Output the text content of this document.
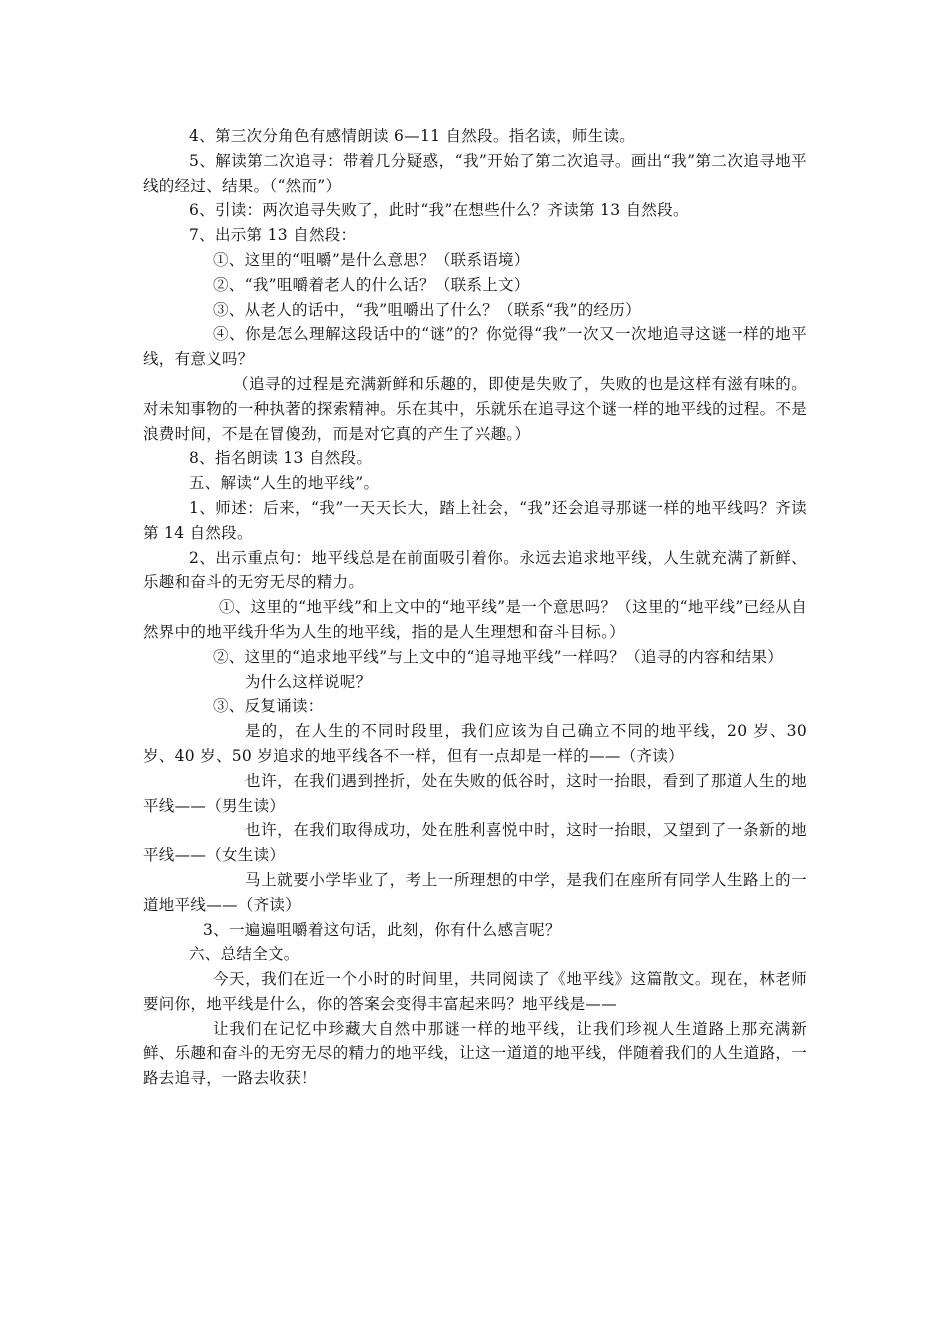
4、第三次分角色有感情朗读 6—11 自然段。指名读，师生读。

5、解读第二次追寻：带着几分疑惑，“我”开始了第二次追寻。画出“我”第二次追寻地平线的经过、结果。（“然而”）

6、引读：两次追寻失败了，此时“我”在想些什么？齐读第 13 自然段。

7、出示第 13 自然段：

①、这里的“咀嚼”是什么意思？（联系语境）

②、“我”咀嚼着老人的什么话？（联系上文）

③、从老人的话中，“我”咀嚼出了什么？（联系“我”的经历）

④、你是怎么理解这段话中的“谜”的？你觉得“我”一次又一次地追寻这谜一样的地平线，有意义吗？

（追寻的过程是充满新鲜和乐趣的，即使是失败了，失败的也是这样有滋有味的。对未知事物的一种执著的探索精神。乐在其中，乐就乐在追寻这个谜一样的地平线的过程。不是浪费时间，不是在冒傻劲，而是对它真的产生了兴趣。）

8、指名朗读 13 自然段。

五、解读“人生的地平线”。

1、师述：后来，“我”一天天长大，踏上社会，“我”还会追寻那谜一样的地平线吗？齐读第 14 自然段。

2、出示重点句：地平线总是在前面吸引着你。永远去追求地平线，人生就充满了新鲜、乐趣和奋斗的无穷无尽的精力。

①、这里的“地平线”和上文中的“地平线”是一个意思吗？（这里的“地平线”已经从自然界中的地平线升华为人生的地平线，指的是人生理想和奋斗目标。）

②、这里的“追求地平线”与上文中的“追寻地平线”一样吗？（追寻的内容和结果）

为什么这样说呢？

③、反复诵读：

是的，在人生的不同时段里，我们应该为自己确立不同的地平线，20 岁、30 岁、40 岁、50 岁追求的地平线各不一样，但有一点却是一样的——（齐读）

也许，在我们遇到挫折，处在失败的低谷时，这时一抬眼，看到了那道人生的地平线——（男生读）

也许，在我们取得成功，处在胜利喜悦中时，这时一抬眼，又望到了一条新的地平线——（女生读）

马上就要小学毕业了，考上一所理想的中学，是我们在座所有同学人生路上的一道地平线——（齐读）

3、一遍遍咀嚼着这句话，此刻，你有什么感言呢？

六、总结全文。

今天，我们在近一个小时的时间里，共同阅读了《地平线》这篇散文。现在，林老师要问你，地平线是什么，你的答案会变得丰富起来吗？地平线是——

让我们在记忆中珍藏大自然中那谜一样的地平线，让我们珍视人生道路上那充满新鲜、乐趣和奋斗的无穷无尽的精力的地平线，让这一道道的地平线，伴随着我们的人生道路，一路去追寻，一路去收获！
